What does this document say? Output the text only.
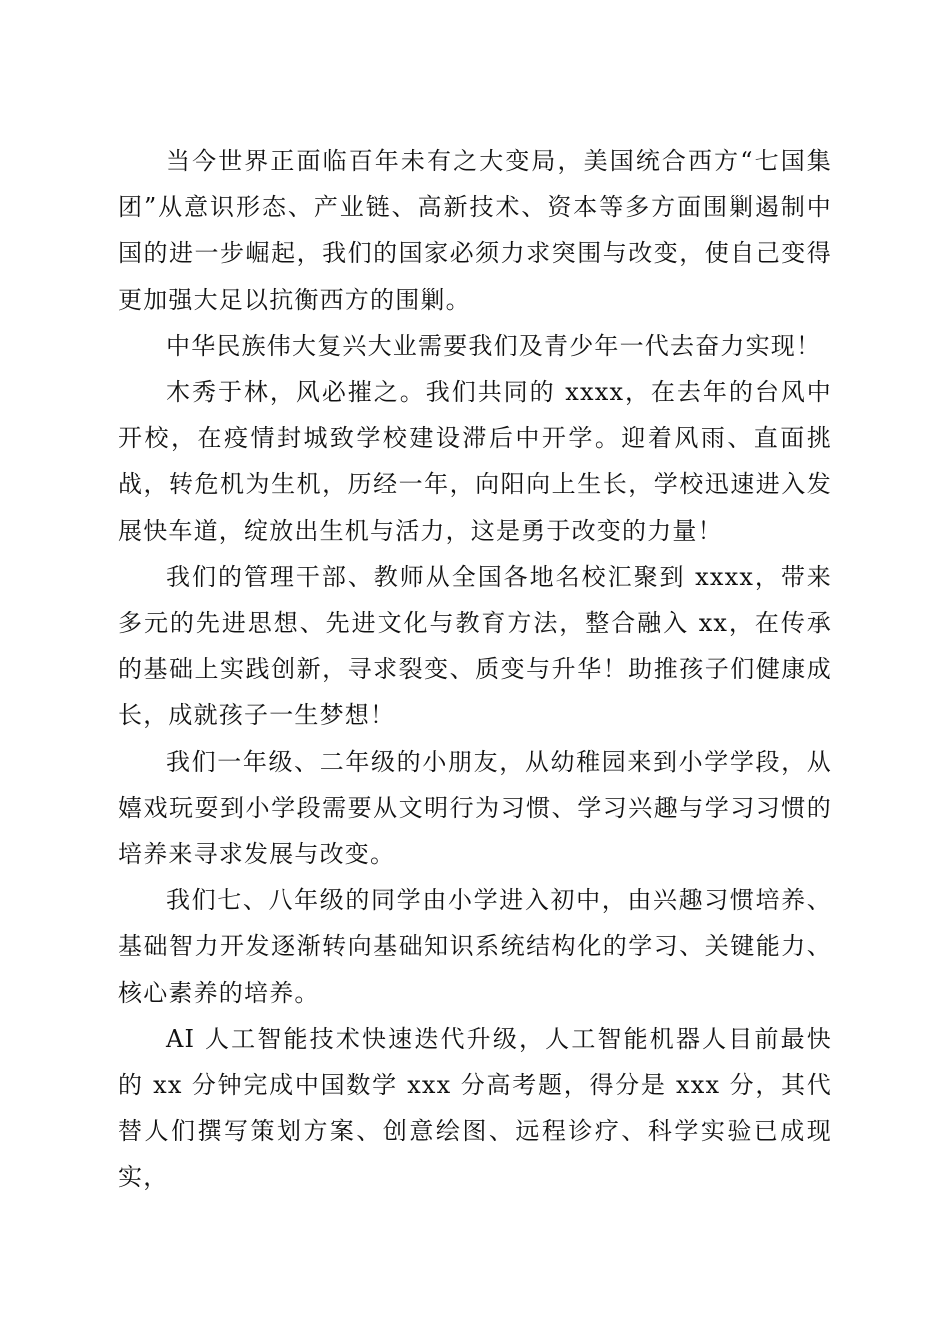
当今世界正面临百年未有之大变局，美国统合西方“七国集团”从意识形态、产业链、高新技术、资本等多方面围剿遏制中国的进一步崛起，我们的国家必须力求突围与改变，使自己变得更加强大足以抗衡西方的围剿。

中华民族伟大复兴大业需要我们及青少年一代去奋力实现！

木秀于林，风必摧之。我们共同的 xxxx，在去年的台风中开校，在疫情封城致学校建设滞后中开学。迎着风雨、直面挑战，转危机为生机，历经一年，向阳向上生长，学校迅速进入发展快车道，绽放出生机与活力，这是勇于改变的力量！

我们的管理干部、教师从全国各地名校汇聚到 xxxx，带来多元的先进思想、先进文化与教育方法，整合融入 xx，在传承的基础上实践创新，寻求裂变、质变与升华！助推孩子们健康成长，成就孩子一生梦想！

我们一年级、二年级的小朋友，从幼稚园来到小学学段，从嬉戏玩耍到小学段需要从文明行为习惯、学习兴趣与学习习惯的培养来寻求发展与改变。

我们七、八年级的同学由小学进入初中，由兴趣习惯培养、基础智力开发逐渐转向基础知识系统结构化的学习、关键能力、核心素养的培养。

AI 人工智能技术快速迭代升级，人工智能机器人目前最快的 xx 分钟完成中国数学 xxx 分高考题，得分是 xxx 分，其代替人们撰写策划方案、创意绘图、远程诊疗、科学实验已成现实，
